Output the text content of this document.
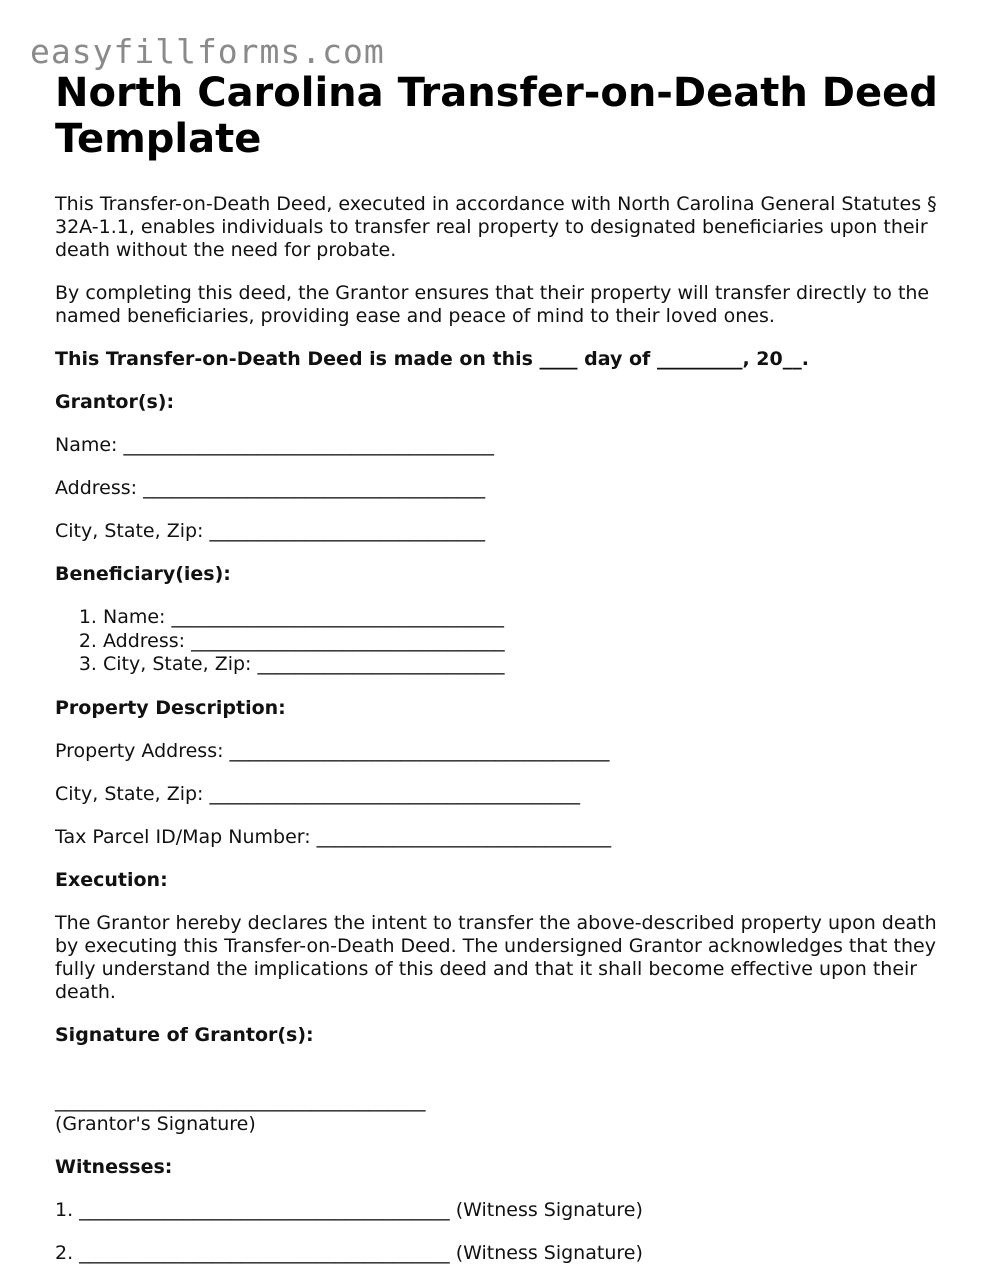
easyfillforms.com

North Carolina Transfer-on-Death Deed Template

This Transfer-on-Death Deed, executed in accordance with North Carolina General Statutes § 32A-1.1, enables individuals to transfer real property to designated beneficiaries upon their death without the need for probate.

By completing this deed, the Grantor ensures that their property will transfer directly to the named beneficiaries, providing ease and peace of mind to their loved ones.

This Transfer-on-Death Deed is made on this ____ day of _________, 20__.

Grantor(s):

Name: _______________________________________

Address: ____________________________________

City, State, Zip: _____________________________

Beneficiary(ies):

1. Name: ___________________________________
2. Address: _________________________________
3. City, State, Zip: __________________________

Property Description:

Property Address: ________________________________________

City, State, Zip: _______________________________________

Tax Parcel ID/Map Number: _______________________________

Execution:

The Grantor hereby declares the intent to transfer the above-described property upon death by executing this Transfer-on-Death Deed. The undersigned Grantor acknowledges that they fully understand the implications of this deed and that it shall become effective upon their death.

Signature of Grantor(s):

_______________________________________

(Grantor's Signature)

Witnesses:

1. _______________________________________ (Witness Signature)

2. _______________________________________ (Witness Signature)
